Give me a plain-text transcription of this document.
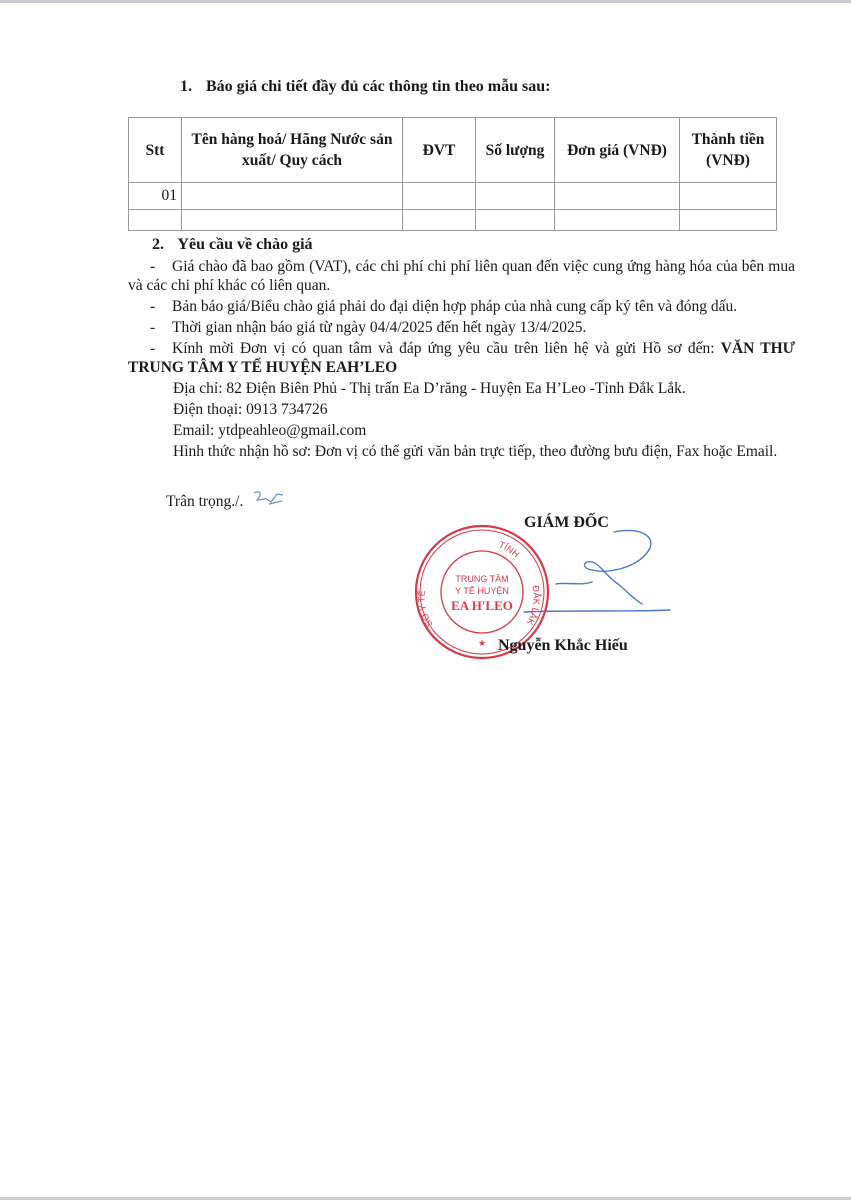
1. Báo giá chi tiết đầy đủ các thông tin theo mẫu sau:
Stt	Tên hàng hoá/ Hãng Nước sản xuất/ Quy cách	ĐVT	Số lượng	Đơn giá (VNĐ)	Thành tiền (VNĐ)
01					

2. Yêu cầu về chào giá

- Giá chào đã bao gồm (VAT), các chi phí chi phí liên quan đến việc cung ứng hàng hóa của bên mua và các chi phí khác có liên quan.

- Bản báo giá/Biểu chào giá phải do đại diện hợp pháp của nhà cung cấp ký tên và đóng dấu.

- Thời gian nhận báo giá từ ngày 04/4/2025 đến hết ngày 13/4/2025.

- Kính mời Đơn vị có quan tâm và đáp ứng yêu cầu trên liên hệ và gửi Hồ sơ đến: VĂN THƯ TRUNG TÂM Y TẾ HUYỆN EAH’LEO

Địa chỉ: 82 Điện Biên Phủ - Thị trấn Ea D’răng - Huyện Ea H’Leo -Tỉnh Đắk Lắk.

Điện thoại: 0913 734726

Email: ytdpeahleo@gmail.com

Hình thức nhận hồ sơ: Đơn vị có thể gửi văn bản trực tiếp, theo đường bưu điện, Fax hoặc Email.

Trân trọng./.
GIÁM ĐỐC
TỈNH
ĐẮK LẮK
SỞ Y TẾ
TRUNG TÂM
Y TẾ HUYỆN
EA H'LEO
★ Nguyễn Khắc Hiếu
